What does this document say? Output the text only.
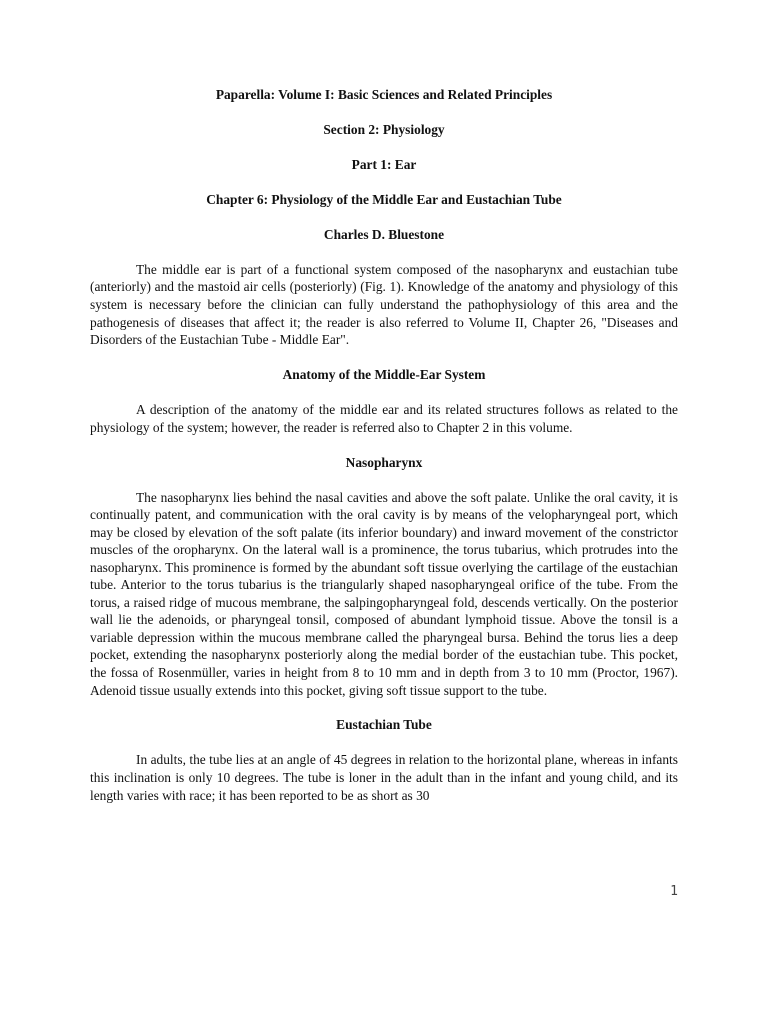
Paparella: Volume I: Basic Sciences and Related Principles

Section 2: Physiology

Part 1: Ear

Chapter 6: Physiology of the Middle Ear and Eustachian Tube

Charles D. Bluestone

The middle ear is part of a functional system composed of the nasopharynx and eustachian tube (anteriorly) and the mastoid air cells (posteriorly) (Fig. 1). Knowledge of the anatomy and physiology of this system is necessary before the clinician can fully understand the pathophysiology of this area and the pathogenesis of diseases that affect it; the reader is also referred to Volume II, Chapter 26, "Diseases and Disorders of the Eustachian Tube - Middle Ear".

Anatomy of the Middle-Ear System

A description of the anatomy of the middle ear and its related structures follows as related to the physiology of the system; however, the reader is referred also to Chapter 2 in this volume.

Nasopharynx

The nasopharynx lies behind the nasal cavities and above the soft palate. Unlike the oral cavity, it is continually patent, and communication with the oral cavity is by means of the velopharyngeal port, which may be closed by elevation of the soft palate (its inferior boundary) and inward movement of the constrictor muscles of the oropharynx. On the lateral wall is a prominence, the torus tubarius, which protrudes into the nasopharynx. This prominence is formed by the abundant soft tissue overlying the cartilage of the eustachian tube. Anterior to the torus tubarius is the triangularly shaped nasopharyngeal orifice of the tube. From the torus, a raised ridge of mucous membrane, the salpingopharyngeal fold, descends vertically. On the posterior wall lie the adenoids, or pharyngeal tonsil, composed of abundant lymphoid tissue. Above the tonsil is a variable depression within the mucous membrane called the pharyngeal bursa. Behind the torus lies a deep pocket, extending the nasopharynx posteriorly along the medial border of the eustachian tube. This pocket, the fossa of Rosenmüller, varies in height from 8 to 10 mm and in depth from 3 to 10 mm (Proctor, 1967). Adenoid tissue usually extends into this pocket, giving soft tissue support to the tube.

Eustachian Tube

In adults, the tube lies at an angle of 45 degrees in relation to the horizontal plane, whereas in infants this inclination is only 10 degrees. The tube is loner in the adult than in the infant and young child, and its length varies with race; it has been reported to be as short as 30

1
